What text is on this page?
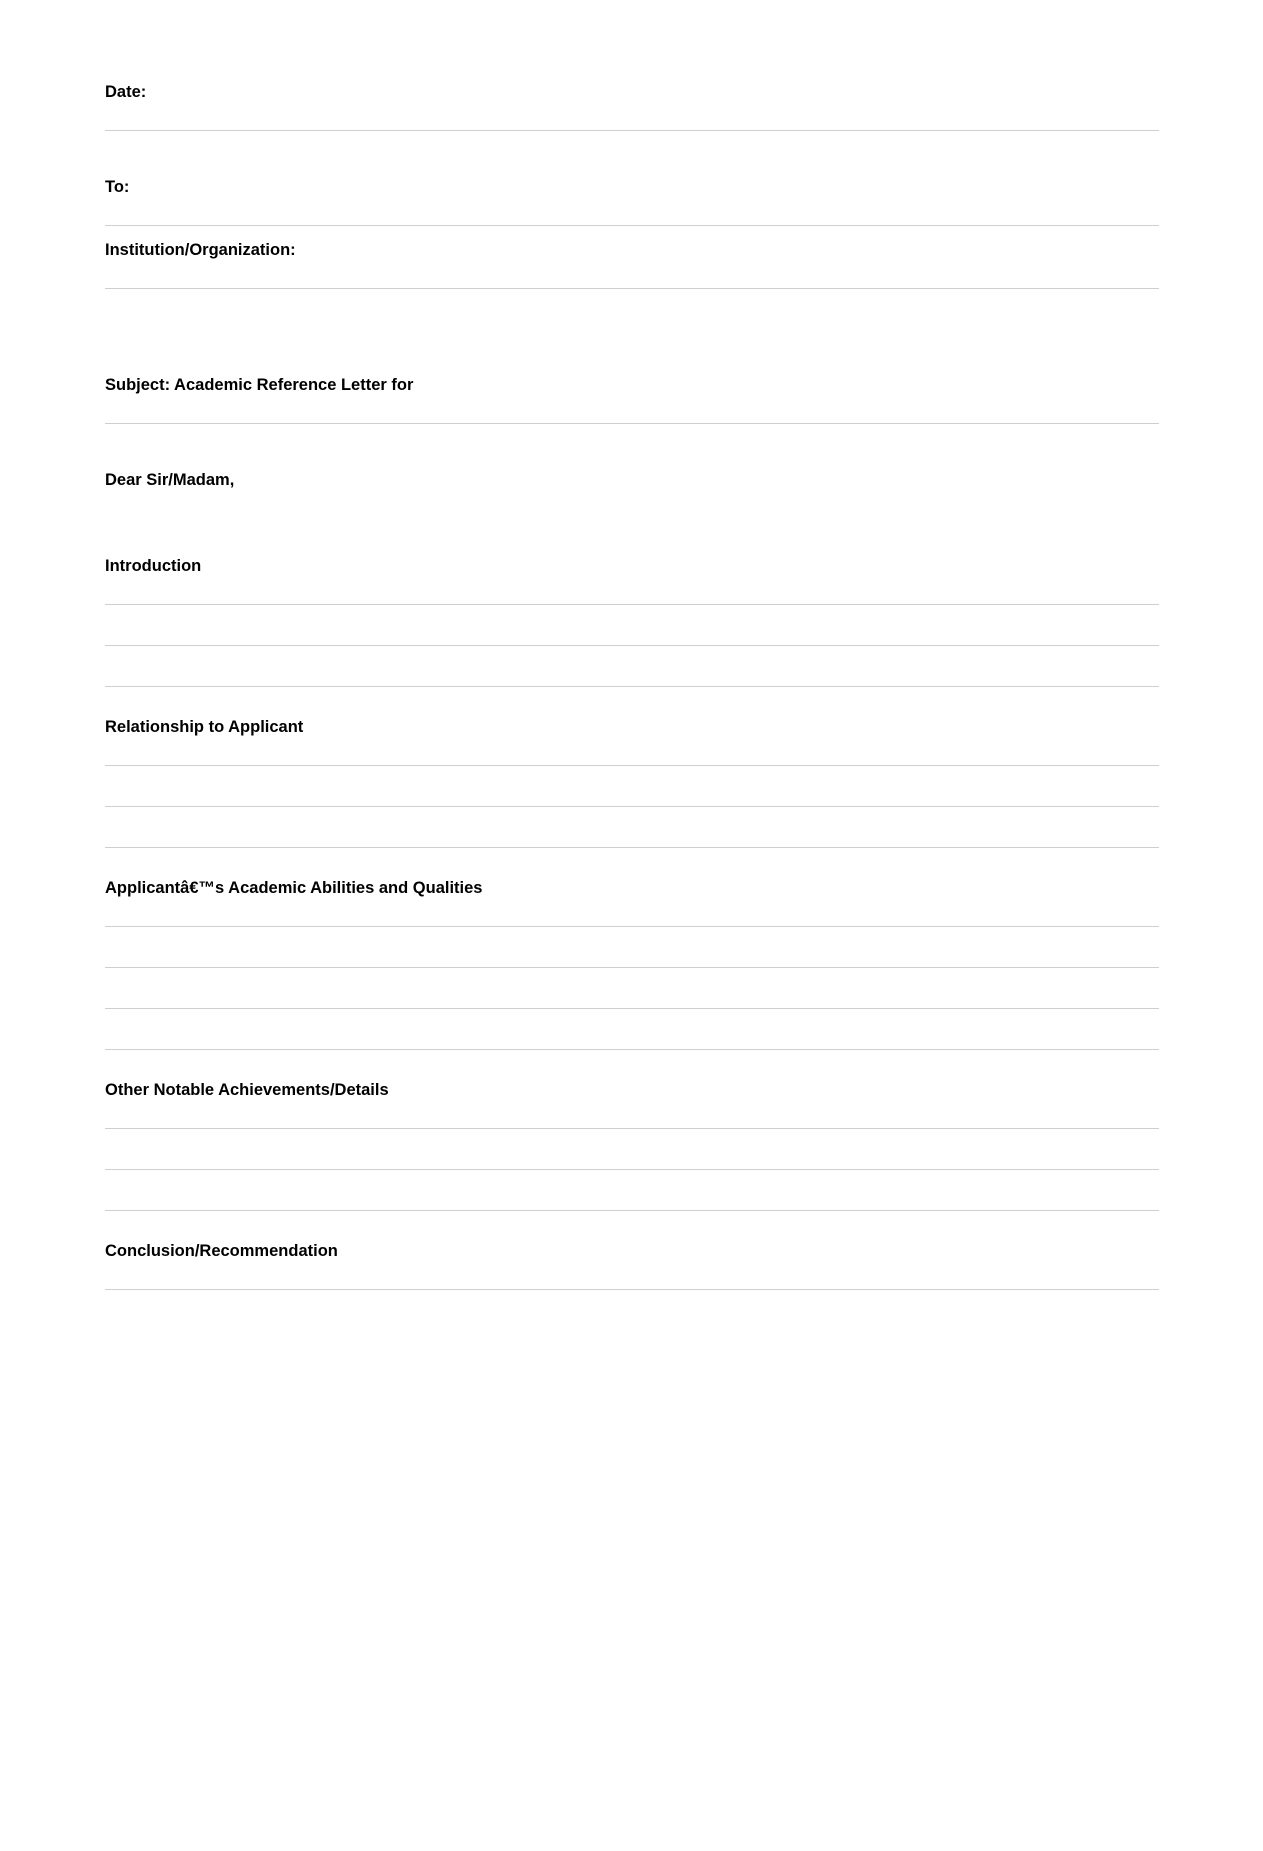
Date:
To:
Institution/Organization:
Subject: Academic Reference Letter for
Dear Sir/Madam,
Introduction
Relationship to Applicant
Applicantâ€™s Academic Abilities and Qualities
Other Notable Achievements/Details
Conclusion/Recommendation
